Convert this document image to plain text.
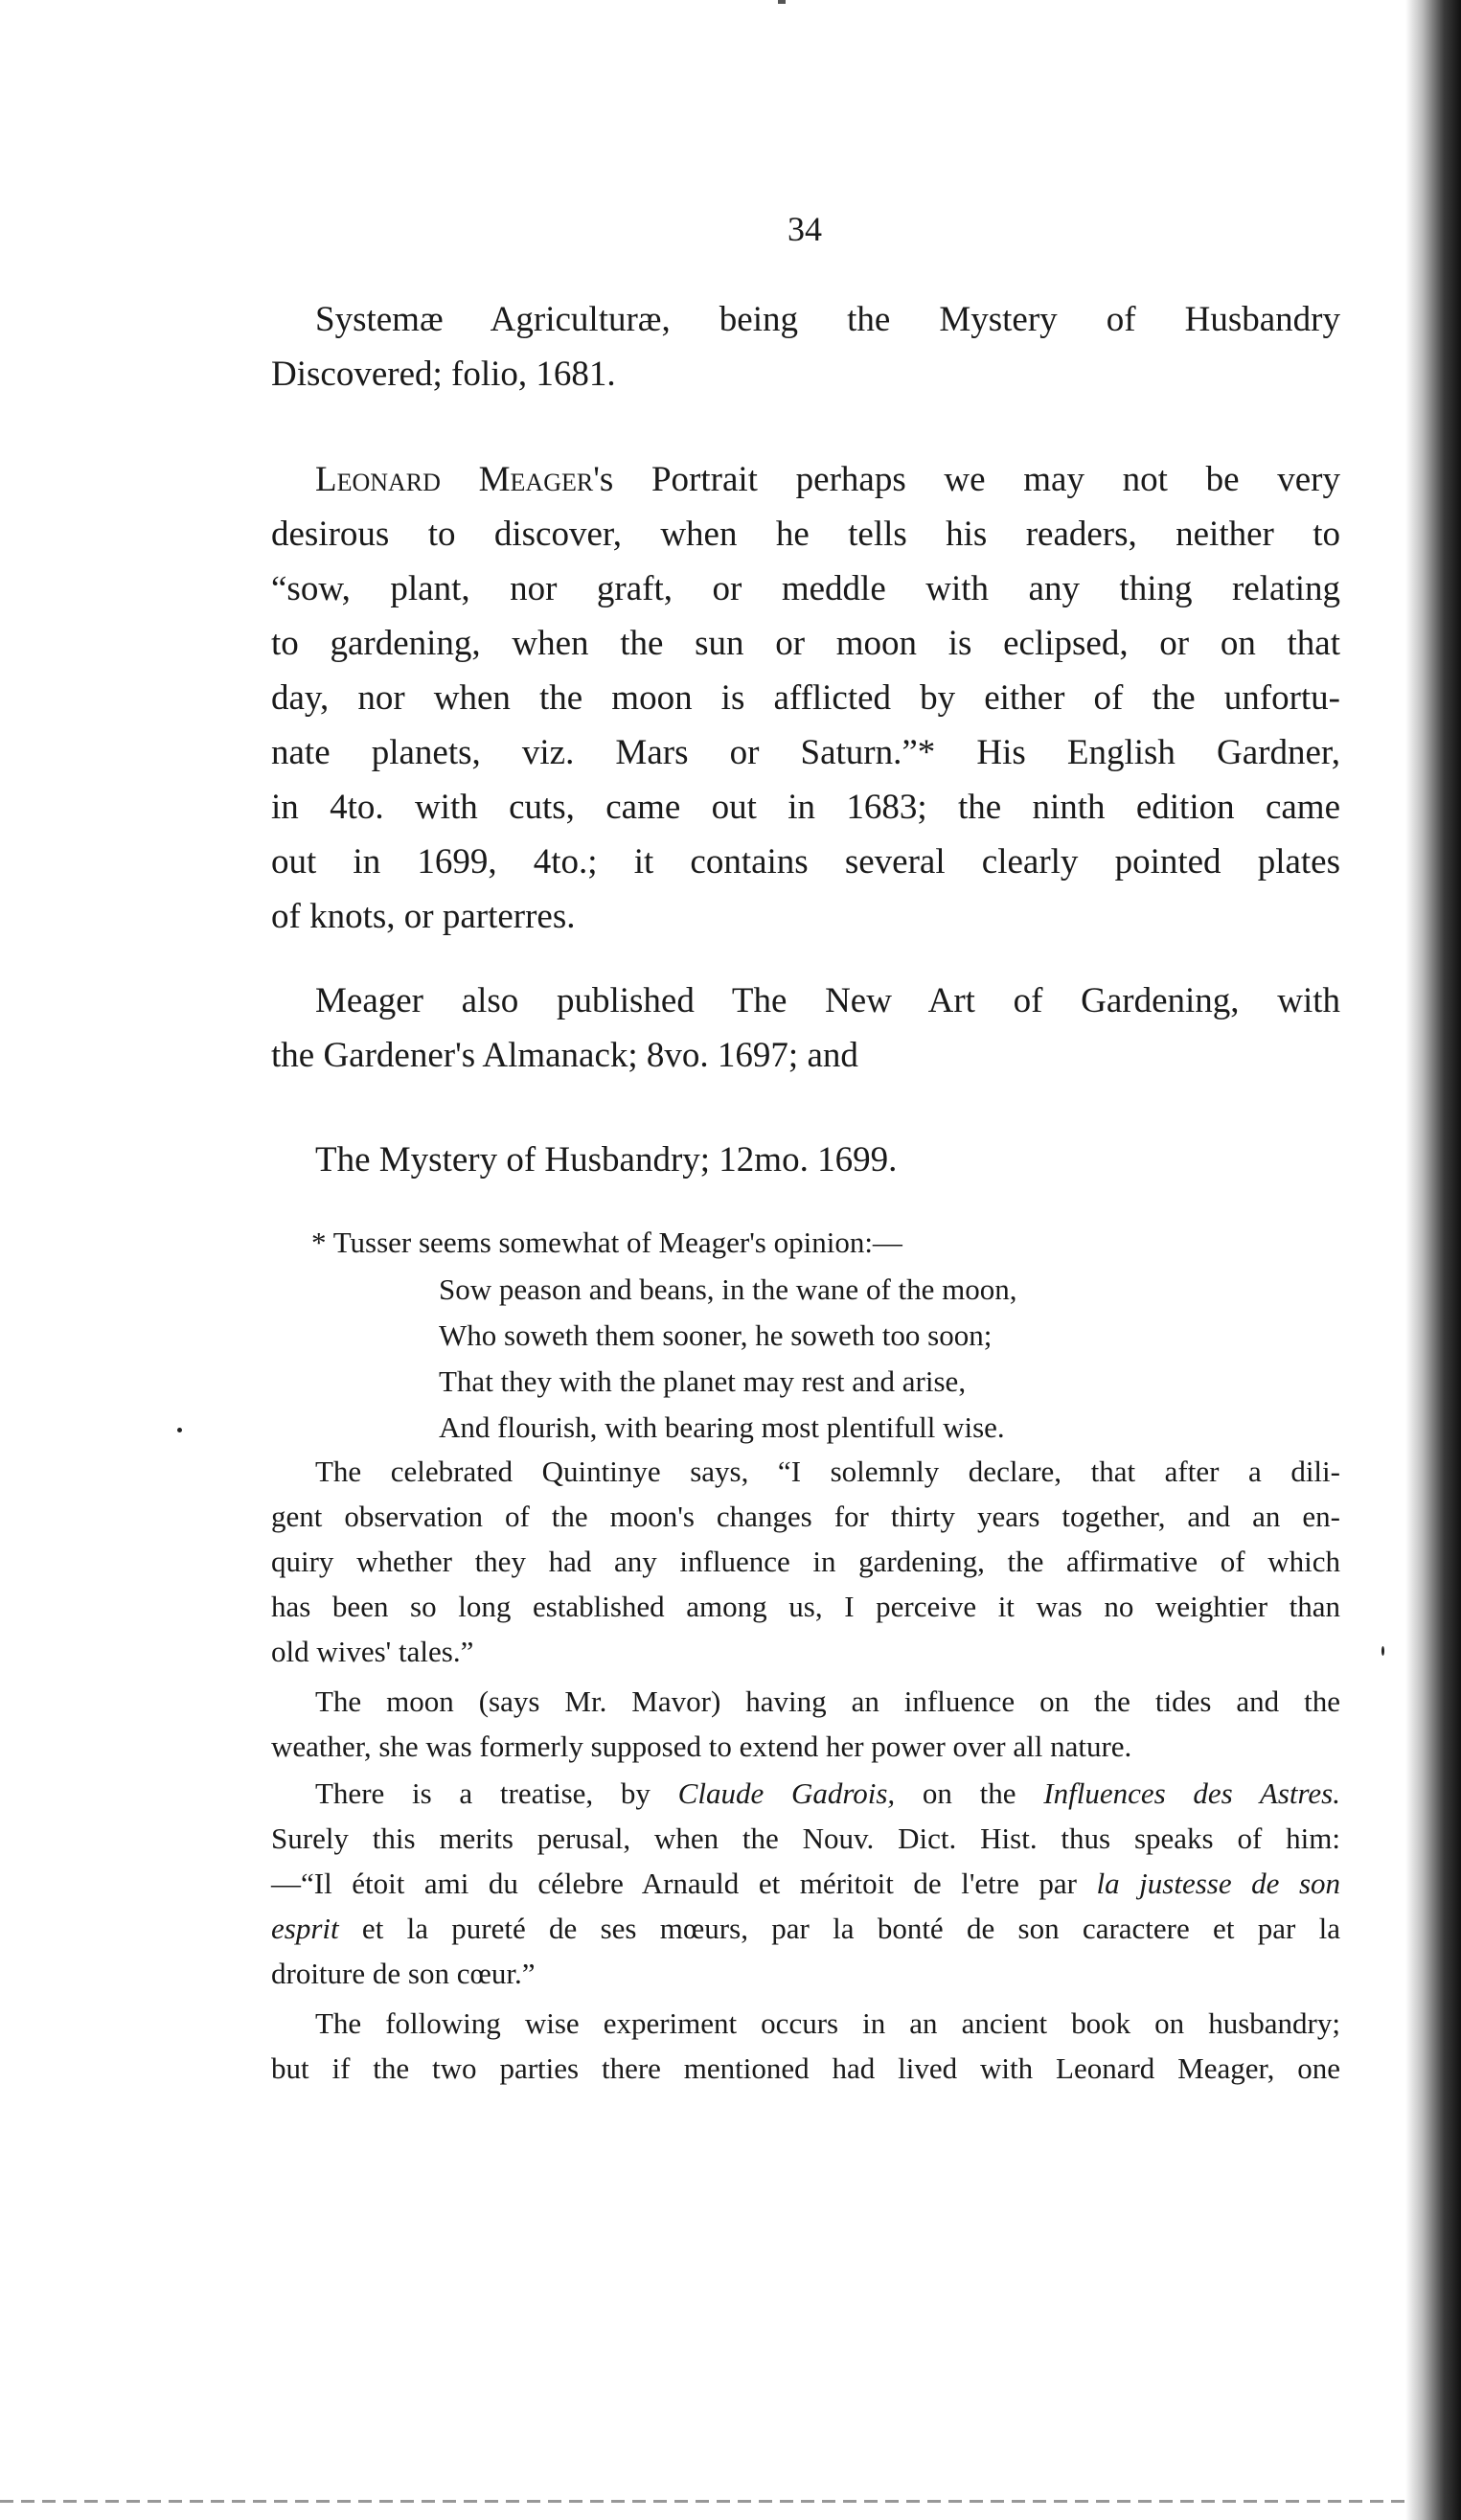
34

Systemæ Agriculturæ, being the Mystery of Husbandry

Discovered; folio, 1681.

Leonard Meager's Portrait perhaps we may not be very

desirous to discover, when he tells his readers, neither to

“sow, plant, nor graft, or meddle with any thing relating

to gardening, when the sun or moon is eclipsed, or on that

day, nor when the moon is afflicted by either of the unfortu-

nate planets, viz. Mars or Saturn.”* His English Gardner,

in 4to. with cuts, came out in 1683; the ninth edition came

out in 1699, 4to.; it contains several clearly pointed plates

of knots, or parterres.

Meager also published The New Art of Gardening, with

the Gardener's Almanack; 8vo. 1697; and

The Mystery of Husbandry; 12mo. 1699.

* Tusser seems somewhat of Meager's opinion:—

Sow peason and beans, in the wane of the moon,

Who soweth them sooner, he soweth too soon;

That they with the planet may rest and arise,

And flourish, with bearing most plentifull wise.

The celebrated Quintinye says, “I solemnly declare, that after a dili-

gent observation of the moon's changes for thirty years together, and an en-

quiry whether they had any influence in gardening, the affirmative of which

has been so long established among us, I perceive it was no weightier than

old wives' tales.”

The moon (says Mr. Mavor) having an influence on the tides and the

weather, she was formerly supposed to extend her power over all nature.

There is a treatise, by Claude Gadrois, on the Influences des Astres.

Surely this merits perusal, when the Nouv. Dict. Hist. thus speaks of him:

—“Il étoit ami du célebre Arnauld et méritoit de l'etre par la justesse de son

esprit et la pureté de ses mœurs, par la bonté de son caractere et par la

droiture de son cœur.”

The following wise experiment occurs in an ancient book on husbandry;

but if the two parties there mentioned had lived with Leonard Meager, one
